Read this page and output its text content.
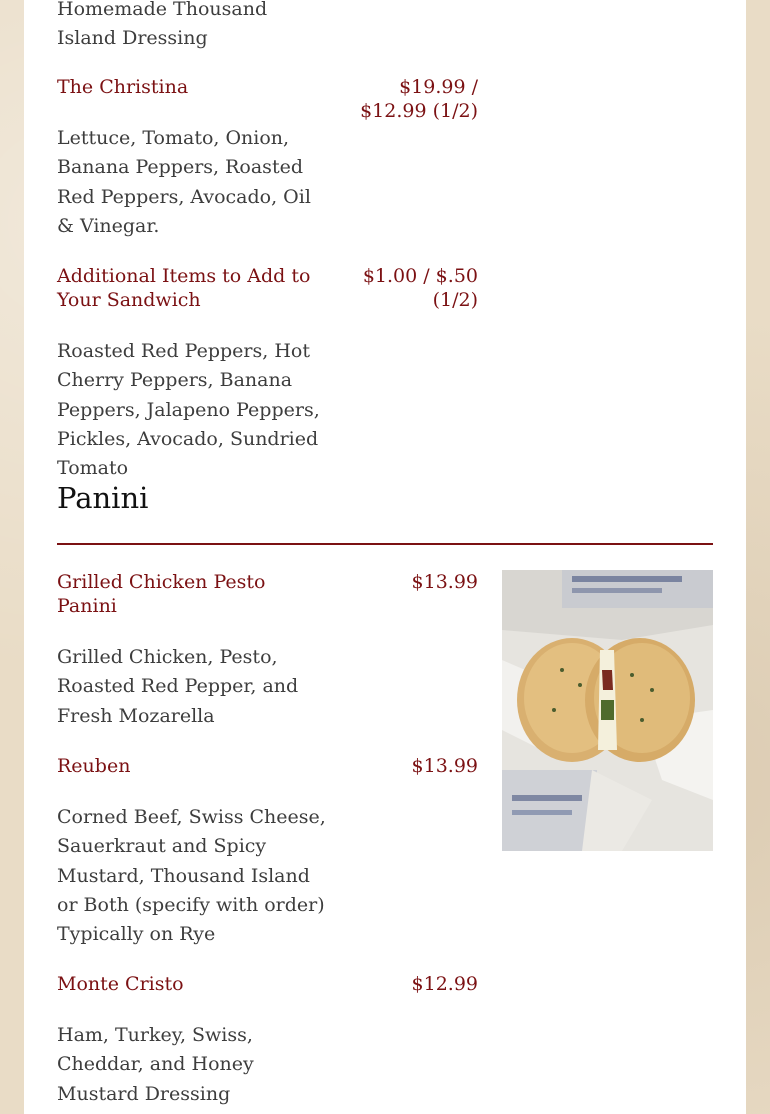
Homemade Thousand Island Dressing
The Christina	$19.99 / $12.99 (1/2)
Lettuce, Tomato, Onion, Banana Peppers, Roasted Red Peppers, Avocado, Oil & Vinegar.
Additional Items to Add to Your Sandwich
$1.00 / $.50 (1/2)
Roasted Red Peppers, Hot Cherry Peppers, Banana Peppers, Jalapeno Peppers, Pickles, Avocado, Sundried Tomato
Panini
Grilled Chicken Pesto Panini
$13.99
Grilled Chicken, Pesto, Roasted Red Pepper, and Fresh Mozarella
Reuben	$13.99
Corned Beef, Swiss Cheese, Sauerkraut and Spicy Mustard, Thousand Island or Both (specify with order) Typically on Rye
Monte Cristo	$12.99
Ham, Turkey, Swiss, Cheddar, and Honey Mustard Dressing
